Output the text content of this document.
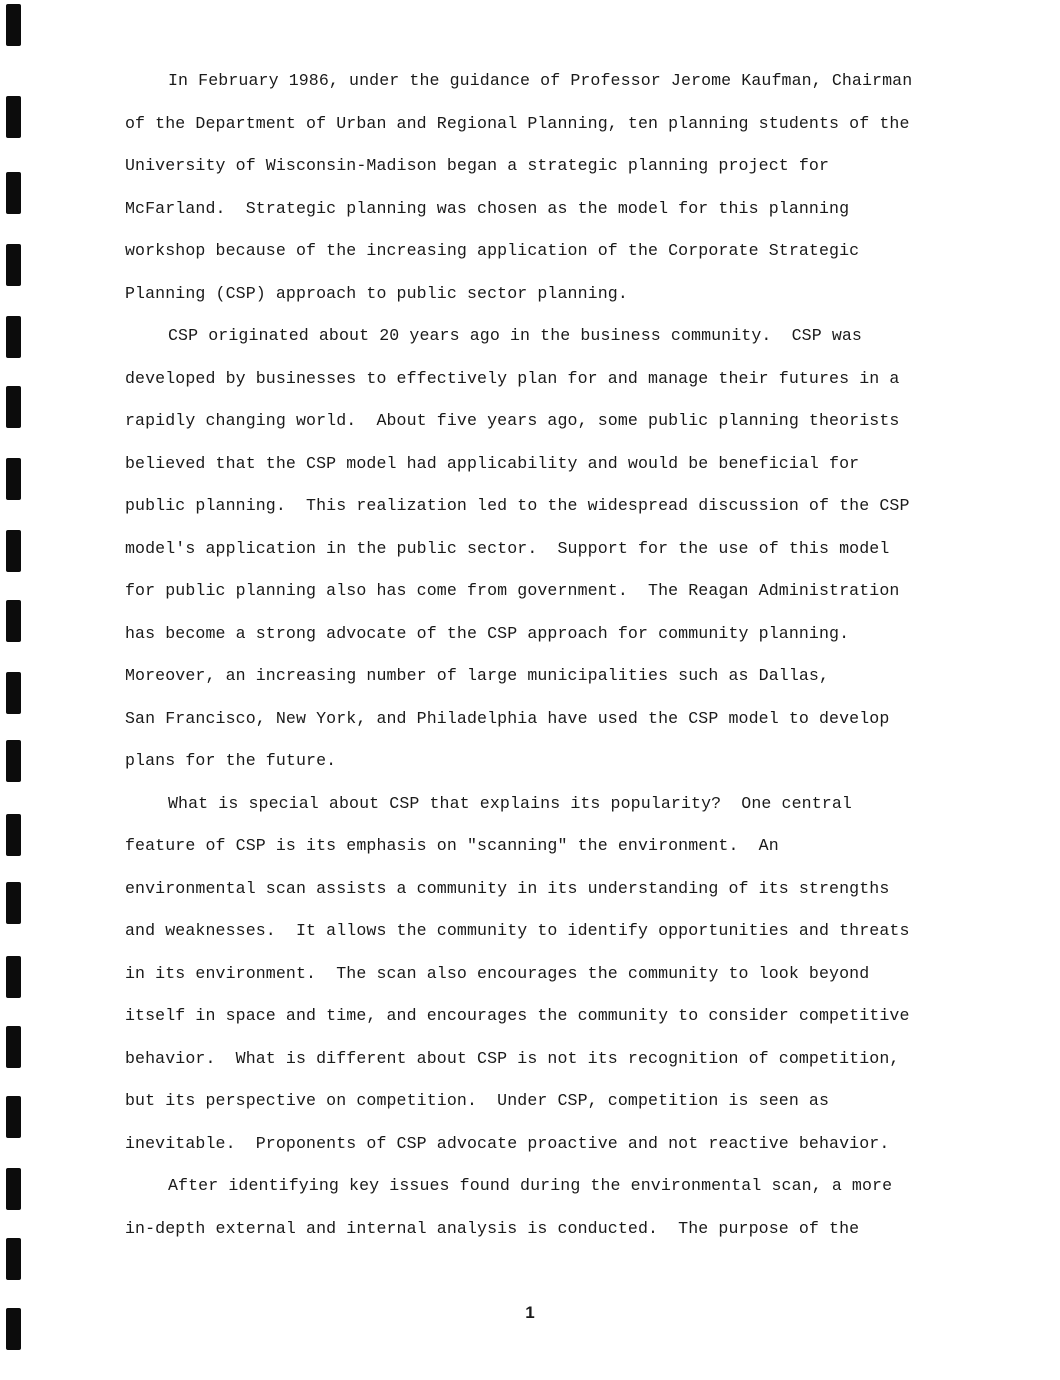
In February 1986, under the guidance of Professor Jerome Kaufman, Chairman
of the Department of Urban and Regional Planning, ten planning students of the
University of Wisconsin-Madison began a strategic planning project for
McFarland.  Strategic planning was chosen as the model for this planning
workshop because of the increasing application of the Corporate Strategic
Planning (CSP) approach to public sector planning.
CSP originated about 20 years ago in the business community.  CSP was
developed by businesses to effectively plan for and manage their futures in a
rapidly changing world.  About five years ago, some public planning theorists
believed that the CSP model had applicability and would be beneficial for
public planning.  This realization led to the widespread discussion of the CSP
model's application in the public sector.  Support for the use of this model
for public planning also has come from government.  The Reagan Administration
has become a strong advocate of the CSP approach for community planning.
Moreover, an increasing number of large municipalities such as Dallas,
San Francisco, New York, and Philadelphia have used the CSP model to develop
plans for the future.
What is special about CSP that explains its popularity?  One central
feature of CSP is its emphasis on "scanning" the environment.  An
environmental scan assists a community in its understanding of its strengths
and weaknesses.  It allows the community to identify opportunities and threats
in its environment.  The scan also encourages the community to look beyond
itself in space and time, and encourages the community to consider competitive
behavior.  What is different about CSP is not its recognition of competition,
but its perspective on competition.  Under CSP, competition is seen as
inevitable.  Proponents of CSP advocate proactive and not reactive behavior.
After identifying key issues found during the environmental scan, a more
in-depth external and internal analysis is conducted.  The purpose of the
1
